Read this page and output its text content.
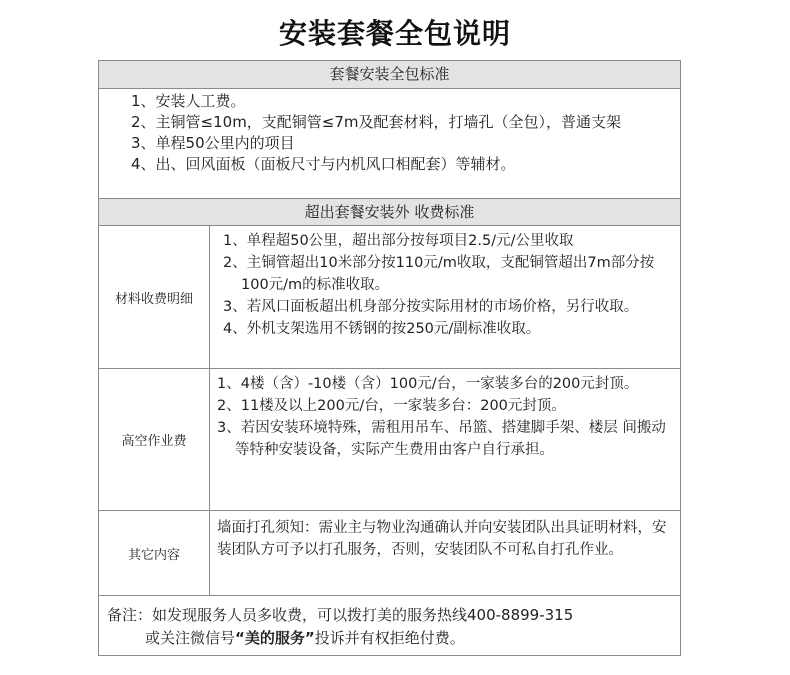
安装套餐全包说明
套餐安装全包标准
1、安装人工费。
2、主铜管≤10m，支配铜管≤7m及配套材料，打墙孔（全包），普通支架
3、单程50公里内的项目
4、出、回风面板（面板尺寸与内机风口相配套）等辅材。
超出套餐安装外 收费标准
材料收费明细
1、单程超50公里，超出部分按每项目2.5/元/公里收取
2、主铜管超出10米部分按110元/m收取，支配铜管超出7m部分按100元/m的标准收取。
3、若风口面板超出机身部分按实际用材的市场价格，另行收取。
4、外机支架选用不锈钢的按250元/副标准收取。
高空作业费
1、4楼（含）-10楼（含）100元/台，一家装多台的200元封顶。
2、11楼及以上200元/台，一家装多台：200元封顶。
3、若因安装环境特殊，需租用吊车、吊篮、搭建脚手架、楼层 间搬动等特种安装设备，实际产生费用由客户自行承担。
其它内容
墙面打孔须知：需业主与物业沟通确认并向安装团队出具证明材料，安装团队方可予以打孔服务，否则，安装团队不可私自打孔作业。
备注：如发现服务人员多收费，可以拨打美的服务热线400-8899-315
或关注微信号“美的服务”投诉并有权拒绝付费。
